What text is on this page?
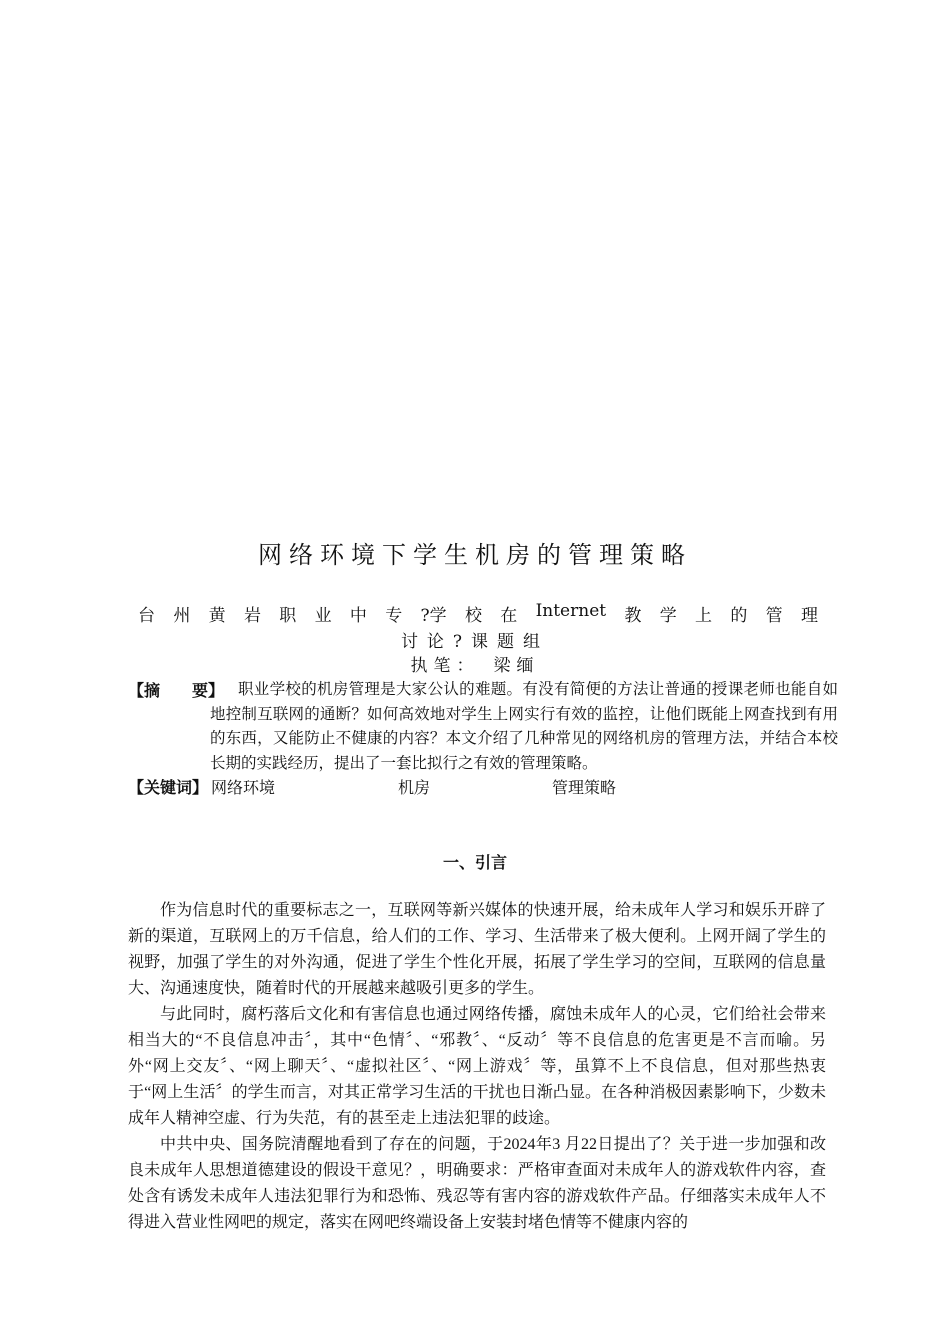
网络环境下学生机房的管理策略
台 州 黄 岩 职 业 中 专 ?学 校 在 Internet 教 学 上 的 管 理
讨论?课题组
执笔： 梁缅
【摘 要】 职业学校的机房管理是大家公认的难题。有没有简便的方法让普通的授课老师也能自如地控制互联网的通断？如何高效地对学生上网实行有效的监控，让他们既能上网查找到有用的东西，又能防止不健康的内容？本文介绍了几种常见的网络机房的管理方法，并结合本校长期的实践经历，提出了一套比拟行之有效的管理策略。
【关键词】 网络环境	机房	管理策略
一、引言

作为信息时代的重要标志之一，互联网等新兴媒体的快速开展，给未成年人学习和娱乐开辟了新的渠道，互联网上的万千信息，给人们的工作、学习、生活带来了极大便利。上网开阔了学生的视野，加强了学生的对外沟通，促进了学生个性化开展，拓展了学生学习的空间，互联网的信息量大、沟通速度快，随着时代的开展越来越吸引更多的学生。

与此同时，腐朽落后文化和有害信息也通过网络传播，腐蚀未成年人的心灵，它们给社会带来相当大的“不良信息冲击〞，其中“色情〞、“邪教〞、“反动〞等不良信息的危害更是不言而喻。另外“网上交友〞、“网上聊天〞、“虚拟社区〞、“网上游戏〞等，虽算不上不良信息，但对那些热衷于“网上生活〞的学生而言，对其正常学习生活的干扰也日渐凸显。在各种消极因素影响下，少数未成年人精神空虚、行为失范，有的甚至走上违法犯罪的歧途。

中共中央、国务院清醒地看到了存在的问题，于2024年3 月22日提出了？关于进一步加强和改良未成年人思想道德建设的假设干意见？，明确要求：严格审查面对未成年人的游戏软件内容，查处含有诱发未成年人违法犯罪行为和恐怖、残忍等有害内容的游戏软件产品。仔细落实未成年人不得进入营业性网吧的规定，落实在网吧终端设备上安装封堵色情等不健康内容的
